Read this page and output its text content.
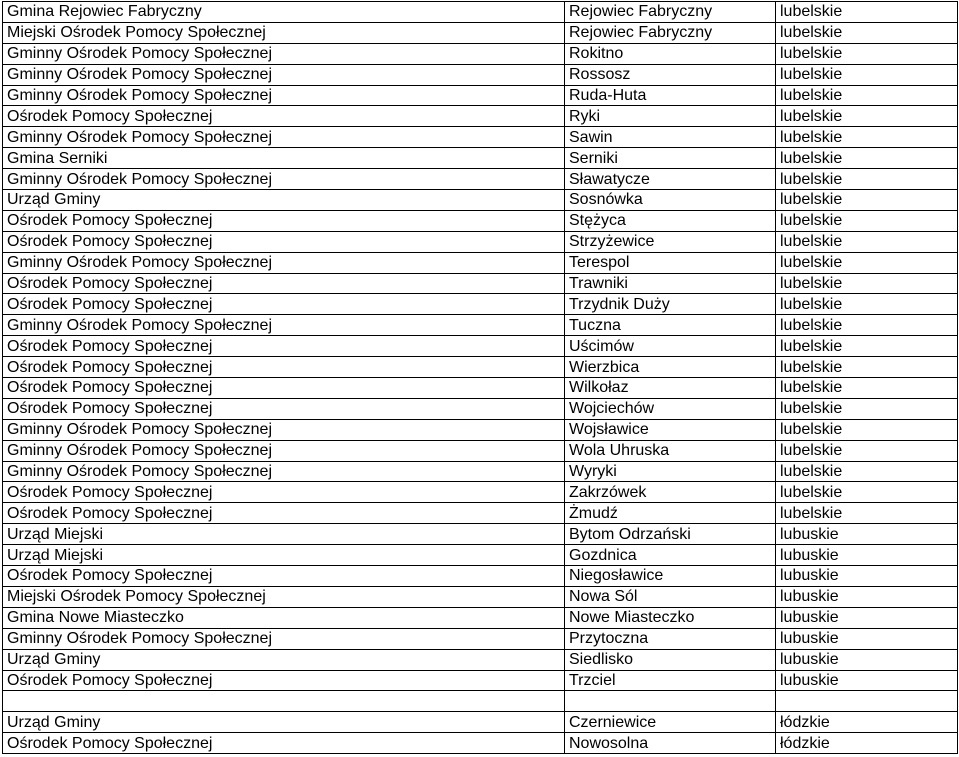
Gmina Rejowiec Fabryczny	Rejowiec Fabryczny	lubelskie
Miejski Ośrodek Pomocy Społecznej	Rejowiec Fabryczny	lubelskie
Gminny Ośrodek Pomocy Społecznej	Rokitno	lubelskie
Gminny Ośrodek Pomocy Społecznej	Rossosz	lubelskie
Gminny Ośrodek Pomocy Społecznej	Ruda-Huta	lubelskie
Ośrodek Pomocy Społecznej	Ryki	lubelskie
Gminny Ośrodek Pomocy Społecznej	Sawin	lubelskie
Gmina Serniki	Serniki	lubelskie
Gminny Ośrodek Pomocy Społecznej	Sławatycze	lubelskie
Urząd Gminy	Sosnówka	lubelskie
Ośrodek Pomocy Społecznej	Stężyca	lubelskie
Ośrodek Pomocy Społecznej	Strzyżewice	lubelskie
Gminny Ośrodek Pomocy Społecznej	Terespol	lubelskie
Ośrodek Pomocy Społecznej	Trawniki	lubelskie
Ośrodek Pomocy Społecznej	Trzydnik Duży	lubelskie
Gminny Ośrodek Pomocy Społecznej	Tuczna	lubelskie
Ośrodek Pomocy Społecznej	Uścimów	lubelskie
Ośrodek Pomocy Społecznej	Wierzbica	lubelskie
Ośrodek Pomocy Społecznej	Wilkołaz	lubelskie
Ośrodek Pomocy Społecznej	Wojciechów	lubelskie
Gminny Ośrodek Pomocy Społecznej	Wojsławice	lubelskie
Gminny Ośrodek Pomocy Społecznej	Wola Uhruska	lubelskie
Gminny Ośrodek Pomocy Społecznej	Wyryki	lubelskie
Ośrodek Pomocy Społecznej	Zakrzówek	lubelskie
Ośrodek Pomocy Społecznej	Żmudź	lubelskie
Urząd Miejski	Bytom Odrzański	lubuskie
Urząd Miejski	Gozdnica	lubuskie
Ośrodek Pomocy Społecznej	Niegosławice	lubuskie
Miejski Ośrodek Pomocy Społecznej	Nowa Sól	lubuskie
Gmina Nowe Miasteczko	Nowe Miasteczko	lubuskie
Gminny Ośrodek Pomocy Społecznej	Przytoczna	lubuskie
Urząd Gminy	Siedlisko	lubuskie
Ośrodek Pomocy Społecznej	Trzciel	lubuskie

Urząd Gminy	Czerniewice	łódzkie
Ośrodek Pomocy Społecznej	Nowosolna	łódzkie
